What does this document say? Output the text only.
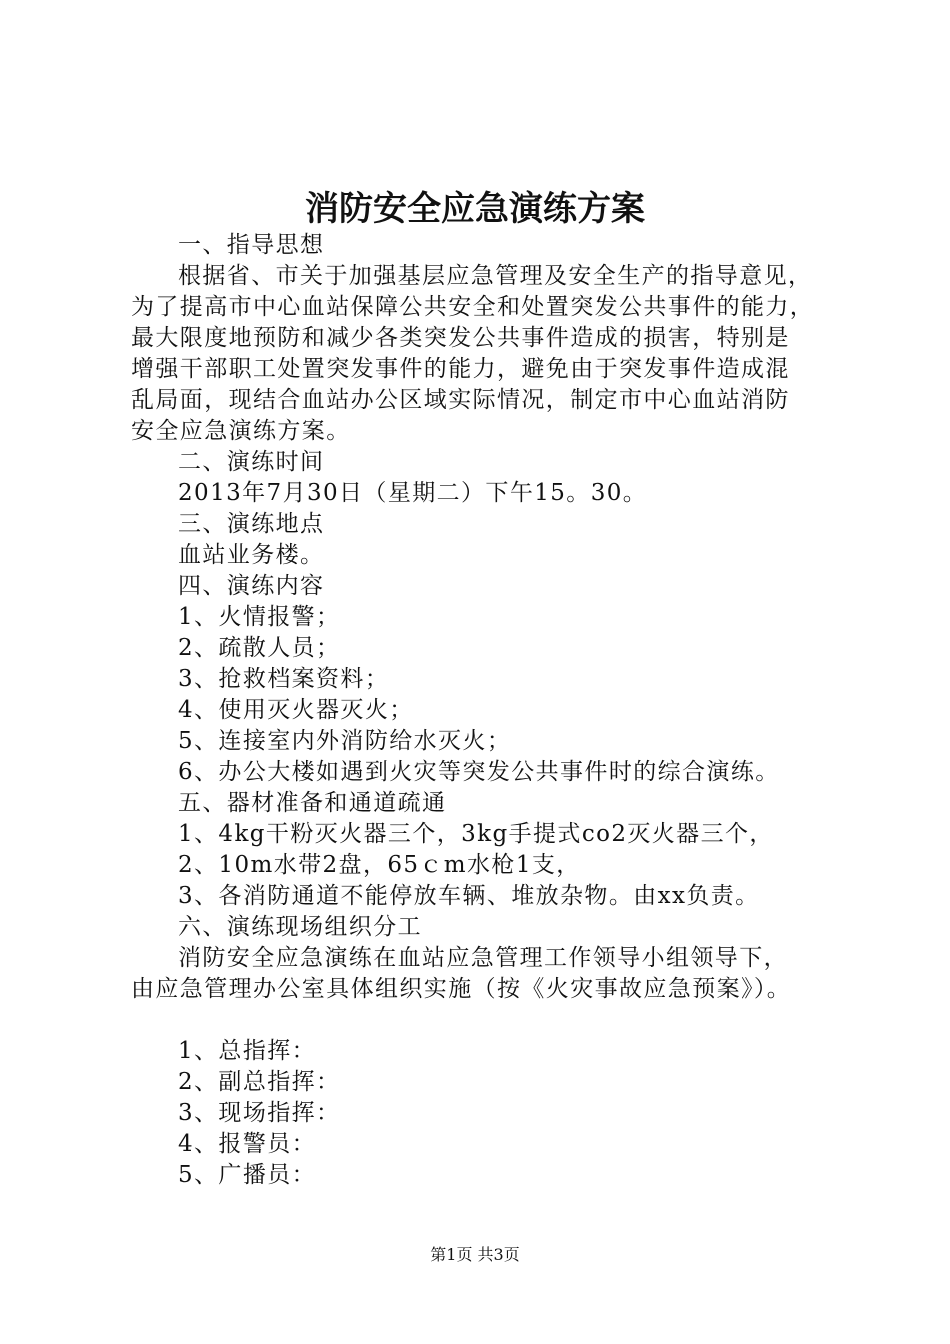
消防安全应急演练方案
一、指导思想
根据省、市关于加强基层应急管理及安全生产的指导意见，
为了提高市中心血站保障公共安全和处置突发公共事件的能力，
最大限度地预防和减少各类突发公共事件造成的损害，特别是
增强干部职工处置突发事件的能力，避免由于突发事件造成混
乱局面，现结合血站办公区域实际情况，制定市中心血站消防
安全应急演练方案。
二、演练时间
2013年7月30日（星期二）下午15。30。
三、演练地点
血站业务楼。
四、演练内容
1、火情报警；
2、疏散人员；
3、抢救档案资料；
4、使用灭火器灭火；
5、连接室内外消防给水灭火；
6、办公大楼如遇到火灾等突发公共事件时的综合演练。
五、器材准备和通道疏通
1、4kg干粉灭火器三个，3kg手提式co2灭火器三个，
2、10m水带2盘，65ｃm水枪1支，
3、各消防通道不能停放车辆、堆放杂物。由xx负责。
六、演练现场组织分工
消防安全应急演练在血站应急管理工作领导小组领导下，
由应急管理办公室具体组织实施（按《火灾事故应急预案》）。
1、总指挥：
2、副总指挥：
3、现场指挥：
4、报警员：
5、广播员：
第1页 共3页
